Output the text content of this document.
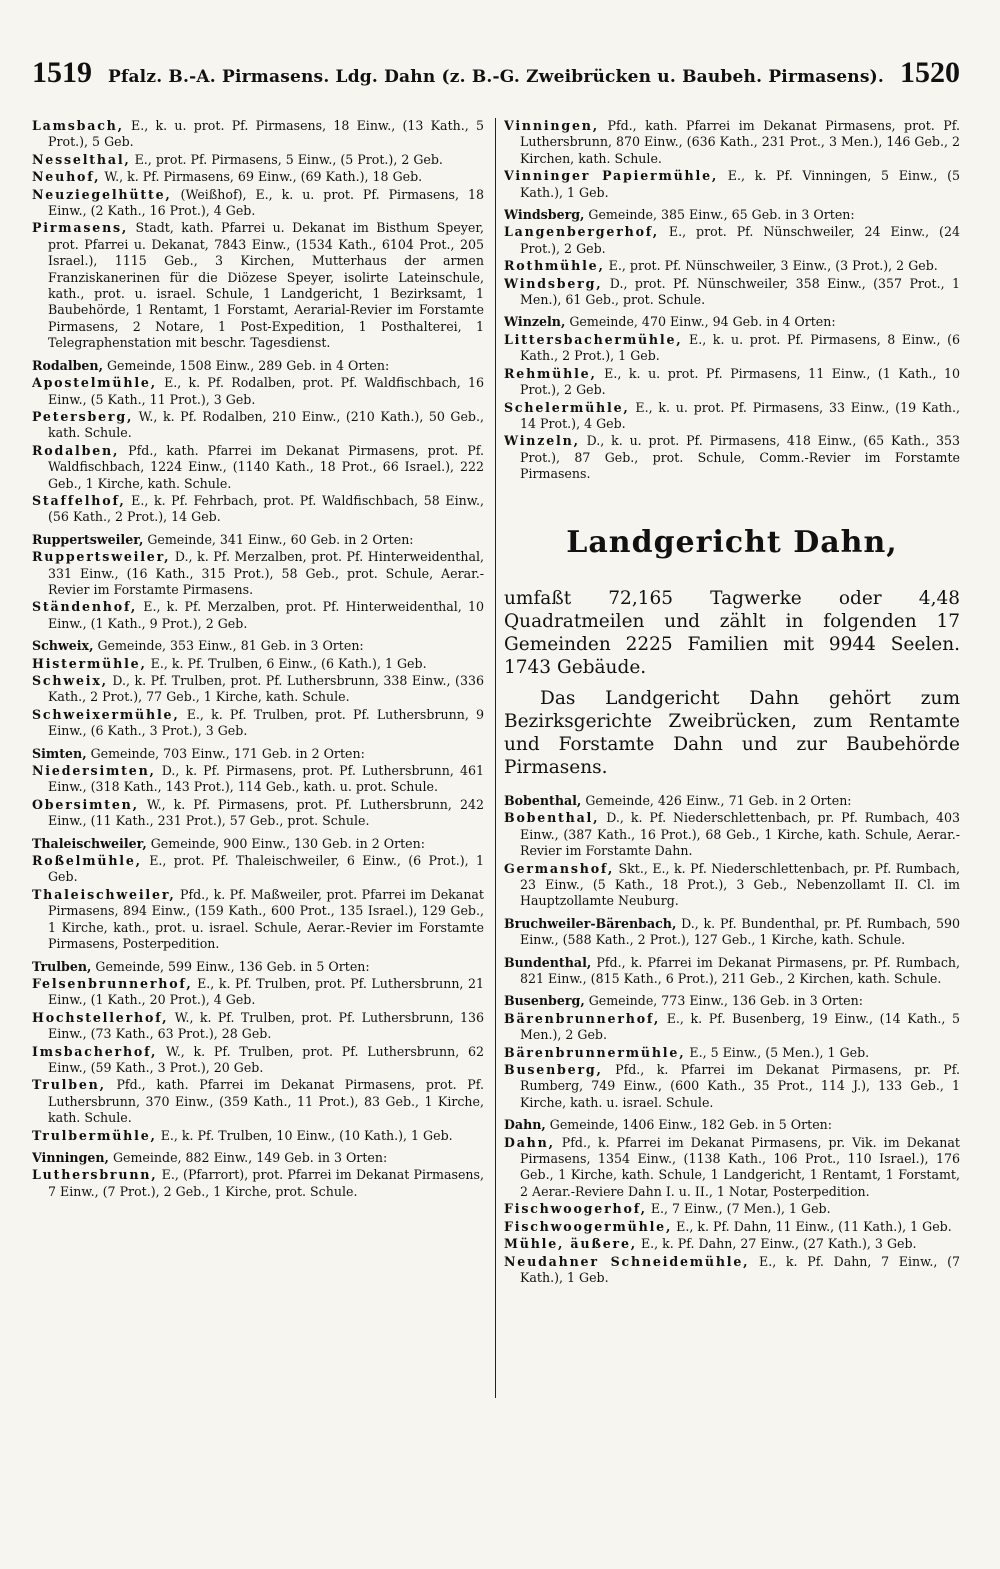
1519 Pfalz. B.-A. Pirmasens. Ldg. Dahn (z. B.-G. Zweibrücken u. Baubeh. Pirmasens). 1520

Lamsbach, E., k. u. prot. Pf. Pirmasens, 18 Einw., (13 Kath., 5 Prot.), 5 Geb.

Nesselthal, E., prot. Pf. Pirmasens, 5 Einw., (5 Prot.), 2 Geb.

Neuhof, W., k. Pf. Pirmasens, 69 Einw., (69 Kath.), 18 Geb.

Neuziegelhütte, (Weißhof), E., k. u. prot. Pf. Pirmasens, 18 Einw., (2 Kath., 16 Prot.), 4 Geb.

Pirmasens, Stadt, kath. Pfarrei u. Dekanat im Bisthum Speyer, prot. Pfarrei u. Dekanat, 7843 Einw., (1534 Kath., 6104 Prot., 205 Israel.), 1115 Geb., 3 Kirchen, Mutterhaus der armen Franziskanerinen für die Diözese Speyer, isolirte Lateinschule, kath., prot. u. israel. Schule, 1 Landgericht, 1 Bezirksamt, 1 Baubehörde, 1 Rentamt, 1 Forstamt, Aerarial-Revier im Forstamte Pirmasens, 2 Notare, 1 Post-Expedition, 1 Posthalterei, 1 Telegraphenstation mit beschr. Tagesdienst.

Rodalben, Gemeinde, 1508 Einw., 289 Geb. in 4 Orten:

Apostelmühle, E., k. Pf. Rodalben, prot. Pf. Waldfischbach, 16 Einw., (5 Kath., 11 Prot.), 3 Geb.

Petersberg, W., k. Pf. Rodalben, 210 Einw., (210 Kath.), 50 Geb., kath. Schule.

Rodalben, Pfd., kath. Pfarrei im Dekanat Pirmasens, prot. Pf. Waldfischbach, 1224 Einw., (1140 Kath., 18 Prot., 66 Israel.), 222 Geb., 1 Kirche, kath. Schule.

Staffelhof, E., k. Pf. Fehrbach, prot. Pf. Waldfischbach, 58 Einw., (56 Kath., 2 Prot.), 14 Geb.

Ruppertsweiler, Gemeinde, 341 Einw., 60 Geb. in 2 Orten:

Ruppertsweiler, D., k. Pf. Merzalben, prot. Pf. Hinterweidenthal, 331 Einw., (16 Kath., 315 Prot.), 58 Geb., prot. Schule, Aerar.-Revier im Forstamte Pirmasens.

Ständenhof, E., k. Pf. Merzalben, prot. Pf. Hinterweidenthal, 10 Einw., (1 Kath., 9 Prot.), 2 Geb.

Schweix, Gemeinde, 353 Einw., 81 Geb. in 3 Orten:

Histermühle, E., k. Pf. Trulben, 6 Einw., (6 Kath.), 1 Geb.

Schweix, D., k. Pf. Trulben, prot. Pf. Luthersbrunn, 338 Einw., (336 Kath., 2 Prot.), 77 Geb., 1 Kirche, kath. Schule.

Schweixermühle, E., k. Pf. Trulben, prot. Pf. Luthersbrunn, 9 Einw., (6 Kath., 3 Prot.), 3 Geb.

Simten, Gemeinde, 703 Einw., 171 Geb. in 2 Orten:

Niedersimten, D., k. Pf. Pirmasens, prot. Pf. Luthersbrunn, 461 Einw., (318 Kath., 143 Prot.), 114 Geb., kath. u. prot. Schule.

Obersimten, W., k. Pf. Pirmasens, prot. Pf. Luthersbrunn, 242 Einw., (11 Kath., 231 Prot.), 57 Geb., prot. Schule.

Thaleischweiler, Gemeinde, 900 Einw., 130 Geb. in 2 Orten:

Roßelmühle, E., prot. Pf. Thaleischweiler, 6 Einw., (6 Prot.), 1 Geb.

Thaleischweiler, Pfd., k. Pf. Maßweiler, prot. Pfarrei im Dekanat Pirmasens, 894 Einw., (159 Kath., 600 Prot., 135 Israel.), 129 Geb., 1 Kirche, kath., prot. u. israel. Schule, Aerar.-Revier im Forstamte Pirmasens, Posterpedition.

Trulben, Gemeinde, 599 Einw., 136 Geb. in 5 Orten:

Felsenbrunnerhof, E., k. Pf. Trulben, prot. Pf. Luthersbrunn, 21 Einw., (1 Kath., 20 Prot.), 4 Geb.

Hochstellerhof, W., k. Pf. Trulben, prot. Pf. Luthersbrunn, 136 Einw., (73 Kath., 63 Prot.), 28 Geb.

Imsbacherhof, W., k. Pf. Trulben, prot. Pf. Luthersbrunn, 62 Einw., (59 Kath., 3 Prot.), 20 Geb.

Trulben, Pfd., kath. Pfarrei im Dekanat Pirmasens, prot. Pf. Luthersbrunn, 370 Einw., (359 Kath., 11 Prot.), 83 Geb., 1 Kirche, kath. Schule.

Trulbermühle, E., k. Pf. Trulben, 10 Einw., (10 Kath.), 1 Geb.

Vinningen, Gemeinde, 882 Einw., 149 Geb. in 3 Orten:

Luthersbrunn, E., (Pfarrort), prot. Pfarrei im Dekanat Pirmasens, 7 Einw., (7 Prot.), 2 Geb., 1 Kirche, prot. Schule.

Vinningen, Pfd., kath. Pfarrei im Dekanat Pirmasens, prot. Pf. Luthersbrunn, 870 Einw., (636 Kath., 231 Prot., 3 Men.), 146 Geb., 2 Kirchen, kath. Schule.

Vinninger Papiermühle, E., k. Pf. Vinningen, 5 Einw., (5 Kath.), 1 Geb.

Windsberg, Gemeinde, 385 Einw., 65 Geb. in 3 Orten:

Langenbergerhof, E., prot. Pf. Nünschweiler, 24 Einw., (24 Prot.), 2 Geb.

Rothmühle, E., prot. Pf. Nünschweiler, 3 Einw., (3 Prot.), 2 Geb.

Windsberg, D., prot. Pf. Nünschweiler, 358 Einw., (357 Prot., 1 Men.), 61 Geb., prot. Schule.

Winzeln, Gemeinde, 470 Einw., 94 Geb. in 4 Orten:

Littersbachermühle, E., k. u. prot. Pf. Pirmasens, 8 Einw., (6 Kath., 2 Prot.), 1 Geb.

Rehmühle, E., k. u. prot. Pf. Pirmasens, 11 Einw., (1 Kath., 10 Prot.), 2 Geb.

Schelermühle, E., k. u. prot. Pf. Pirmasens, 33 Einw., (19 Kath., 14 Prot.), 4 Geb.

Winzeln, D., k. u. prot. Pf. Pirmasens, 418 Einw., (65 Kath., 353 Prot.), 87 Geb., prot. Schule, Comm.-Revier im Forstamte Pirmasens.

Landgericht Dahn,

umfaßt 72,165 Tagwerke oder 4,48 Quadratmeilen und zählt in folgenden 17 Gemeinden 2225 Familien mit 9944 Seelen. 1743 Gebäude.

Das Landgericht Dahn gehört zum Bezirksgerichte Zweibrücken, zum Rentamte und Forstamte Dahn und zur Baubehörde Pirmasens.

Bobenthal, Gemeinde, 426 Einw., 71 Geb. in 2 Orten:

Bobenthal, D., k. Pf. Niederschlettenbach, pr. Pf. Rumbach, 403 Einw., (387 Kath., 16 Prot.), 68 Geb., 1 Kirche, kath. Schule, Aerar.-Revier im Forstamte Dahn.

Germanshof, Skt., E., k. Pf. Niederschlettenbach, pr. Pf. Rumbach, 23 Einw., (5 Kath., 18 Prot.), 3 Geb., Nebenzollamt II. Cl. im Hauptzollamte Neuburg.

Bruchweiler-Bärenbach, D., k. Pf. Bundenthal, pr. Pf. Rumbach, 590 Einw., (588 Kath., 2 Prot.), 127 Geb., 1 Kirche, kath. Schule.

Bundenthal, Pfd., k. Pfarrei im Dekanat Pirmasens, pr. Pf. Rumbach, 821 Einw., (815 Kath., 6 Prot.), 211 Geb., 2 Kirchen, kath. Schule.

Busenberg, Gemeinde, 773 Einw., 136 Geb. in 3 Orten:

Bärenbrunnerhof, E., k. Pf. Busenberg, 19 Einw., (14 Kath., 5 Men.), 2 Geb.

Bärenbrunnermühle, E., 5 Einw., (5 Men.), 1 Geb.

Busenberg, Pfd., k. Pfarrei im Dekanat Pirmasens, pr. Pf. Rumberg, 749 Einw., (600 Kath., 35 Prot., 114 J.), 133 Geb., 1 Kirche, kath. u. israel. Schule.

Dahn, Gemeinde, 1406 Einw., 182 Geb. in 5 Orten:

Dahn, Pfd., k. Pfarrei im Dekanat Pirmasens, pr. Vik. im Dekanat Pirmasens, 1354 Einw., (1138 Kath., 106 Prot., 110 Israel.), 176 Geb., 1 Kirche, kath. Schule, 1 Landgericht, 1 Rentamt, 1 Forstamt, 2 Aerar.-Reviere Dahn I. u. II., 1 Notar, Posterpedition.

Fischwoogerhof, E., 7 Einw., (7 Men.), 1 Geb.

Fischwoogermühle, E., k. Pf. Dahn, 11 Einw., (11 Kath.), 1 Geb.

Mühle, äußere, E., k. Pf. Dahn, 27 Einw., (27 Kath.), 3 Geb.

Neudahner Schneidemühle, E., k. Pf. Dahn, 7 Einw., (7 Kath.), 1 Geb.
